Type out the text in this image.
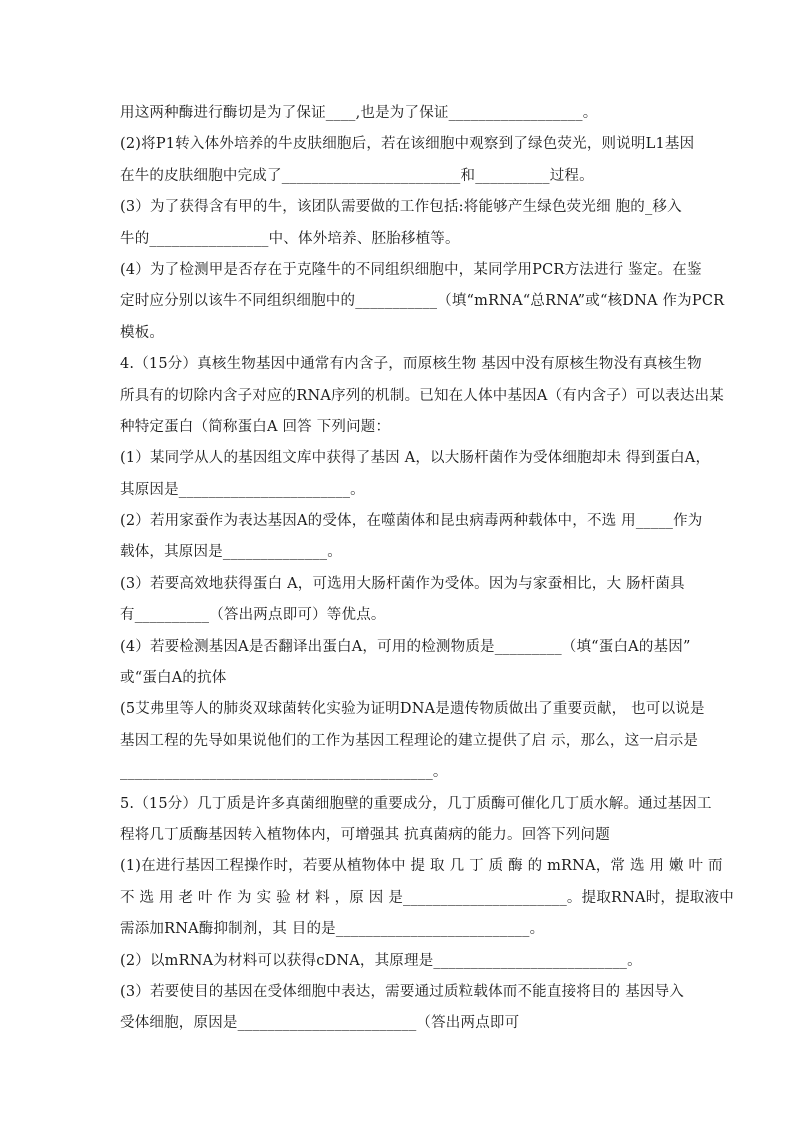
用这两种酶进行酶切是为了保证____,也是为了保证__________________。
(2)将P1转入体外培养的牛皮肤细胞后，若在该细胞中观察到了绿色荧光，则说明L1基因
在牛的皮肤细胞中完成了________________________和__________过程。
(3）为了获得含有甲的牛，该团队需要做的工作包括:将能够产生绿色荧光细 胞的_移入
牛的________________中、体外培养、胚胎移植等。
(4）为了检测甲是否存在于克隆牛的不同组织细胞中，某同学用PCR方法进行 鉴定。在鉴
定时应分别以该牛不同组织细胞中的___________（填“mRNA“总RNA”或“核DNA 作为PCR
模板。
4.（15分）真核生物基因中通常有内含子，而原核生物 基因中没有原核生物没有真核生物
所具有的切除内含子对应的RNA序列的机制。已知在人体中基因A（有内含子）可以表达出某
种特定蛋白（简称蛋白A 回答 下列问题：
(1）某同学从人的基因组文库中获得了基因 A，以大肠杆菌作为受体细胞却未 得到蛋白A，
其原因是_______________________。
(2）若用家蚕作为表达基因A的受体，在噬菌体和昆虫病毒两种载体中，不选 用_____作为
载体，其原因是______________。
(3）若要高效地获得蛋白 A，可选用大肠杆菌作为受体。因为与家蚕相比，大 肠杆菌具
有__________（答出两点即可）等优点。
(4）若要检测基因A是否翻译出蛋白A，可用的检测物质是_________（填“蛋白A的基因”
或“蛋白A的抗体
(5艾弗里等人的肺炎双球菌转化实验为证明DNA是遗传物质做出了重要贡献， 也可以说是
基因工程的先导如果说他们的工作为基因工程理论的建立提供了启 示，那么，这一启示是
__________________________________________。
5.（15分）几丁质是许多真菌细胞壁的重要成分，几丁质酶可催化几丁质水解。通过基因工
程将几丁质酶基因转入植物体内，可增强其 抗真菌病的能力。回答下列问题
(1)在进行基因工程操作时，若要从植物体中 提 取 几 丁 质 酶 的 mRNA，常 选 用 嫩 叶 而
不 选 用 老 叶 作 为 实 验 材 料 ，原 因 是______________________。提取RNA时，提取液中
需添加RNA酶抑制剂，其 目的是__________________________。
(2）以mRNA为材料可以获得cDNA，其原理是__________________________。
(3）若要使目的基因在受体细胞中表达，需要通过质粒载体而不能直接将目的 基因导入
受体细胞，原因是________________________（答出两点即可
